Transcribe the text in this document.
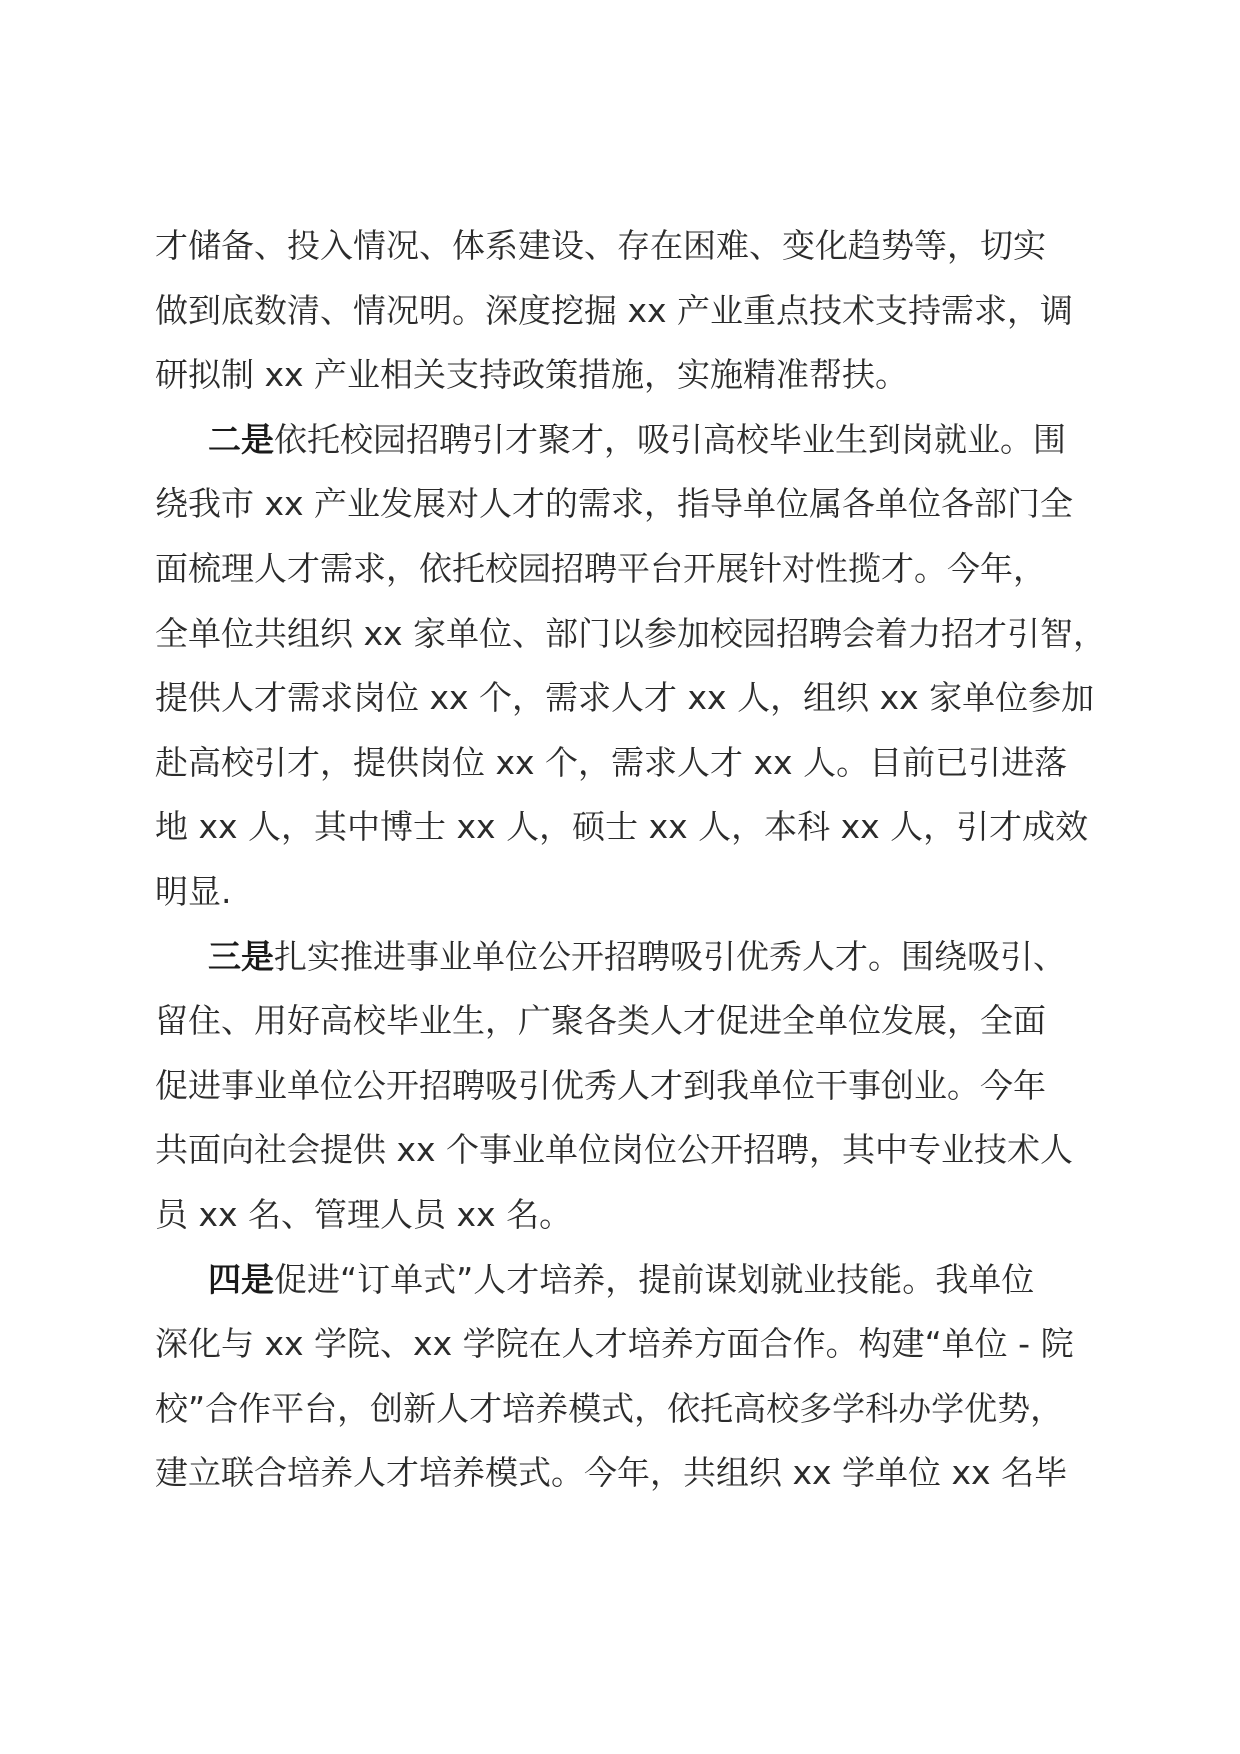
才储备、投入情况、体系建设、存在困难、变化趋势等，切实
做到底数清、情况明。深度挖掘 xx 产业重点技术支持需求，调
研拟制 xx 产业相关支持政策措施，实施精准帮扶。
二是依托校园招聘引才聚才，吸引高校毕业生到岗就业。围
绕我市 xx 产业发展对人才的需求，指导单位属各单位各部门全
面梳理人才需求，依托校园招聘平台开展针对性揽才。今年，
全单位共组织 xx 家单位、部门以参加校园招聘会着力招才引智，
提供人才需求岗位 xx 个，需求人才 xx 人，组织 xx 家单位参加
赴高校引才，提供岗位 xx 个，需求人才 xx 人。目前已引进落
地 xx 人，其中博士 xx 人，硕士 xx 人，本科 xx 人，引才成效
明显.
三是扎实推进事业单位公开招聘吸引优秀人才。围绕吸引、
留住、用好高校毕业生，广聚各类人才促进全单位发展，全面
促进事业单位公开招聘吸引优秀人才到我单位干事创业。今年
共面向社会提供 xx 个事业单位岗位公开招聘，其中专业技术人
员 xx 名、管理人员 xx 名。
四是促进“订单式”人才培养，提前谋划就业技能。我单位
深化与 xx 学院、xx 学院在人才培养方面合作。构建“单位 - 院
校”合作平台，创新人才培养模式，依托高校多学科办学优势，
建立联合培养人才培养模式。今年，共组织 xx 学单位 xx 名毕
